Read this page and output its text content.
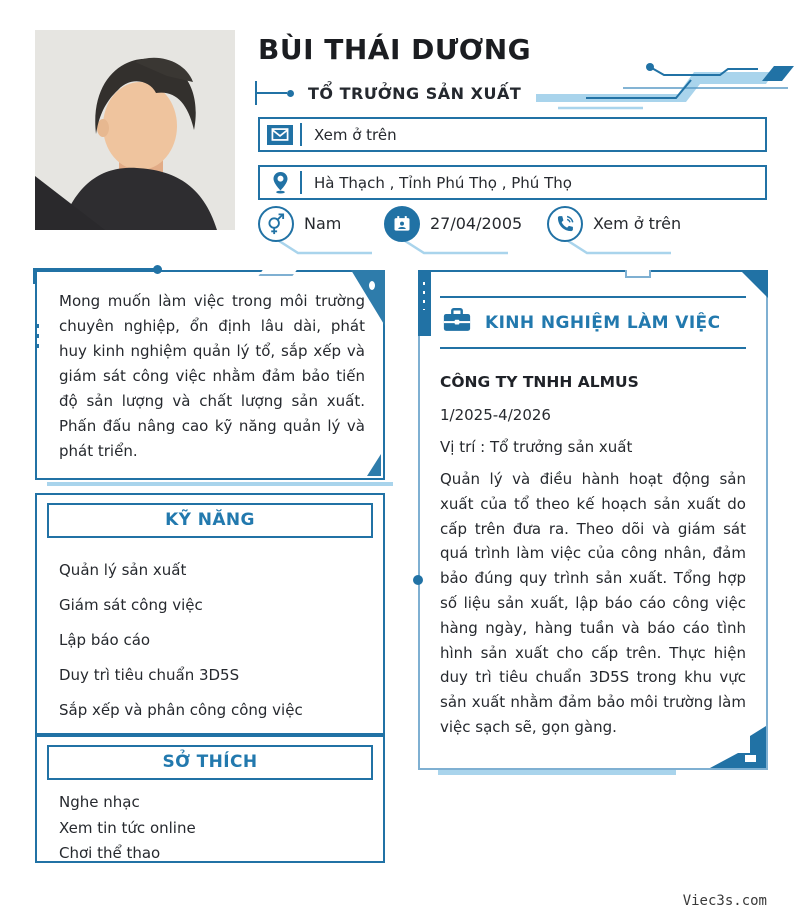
BÙI THÁI DƯƠNG
TỔ TRƯỞNG SẢN XUẤT
Xem ở trên
Hà Thạch , Tỉnh Phú Thọ , Phú Thọ
Nam	27/04/2005	Xem ở trên

Mong muốn làm việc trong môi trường chuyên nghiệp, ổn định lâu dài, phát huy kinh nghiệm quản lý tổ, sắp xếp và giám sát công việc nhằm đảm bảo tiến độ sản lượng và chất lượng sản xuất. Phấn đấu nâng cao kỹ năng quản lý và phát triển.

KỸ NĂNG
Quản lý sản xuất
Giám sát công việc
Lập báo cáo
Duy trì tiêu chuẩn 3D5S
Sắp xếp và phân công công việc
SỞ THÍCH
Nghe nhạc
Xem tin tức online
Chơi thể thao
KINH NGHIỆM LÀM VIỆC
CÔNG TY TNHH ALMUS
1/2025-4/2026
Vị trí : Tổ trưởng sản xuất

Quản lý và điều hành hoạt động sản xuất của tổ theo kế hoạch sản xuất do cấp trên đưa ra. Theo dõi và giám sát quá trình làm việc của công nhân, đảm bảo đúng quy trình sản xuất. Tổng hợp số liệu sản xuất, lập báo cáo công việc hàng ngày, hàng tuần và báo cáo tình hình sản xuất cho cấp trên. Thực hiện duy trì tiêu chuẩn 3D5S trong khu vực sản xuất nhằm đảm bảo môi trường làm việc sạch sẽ, gọn gàng.

Viec3s.com
